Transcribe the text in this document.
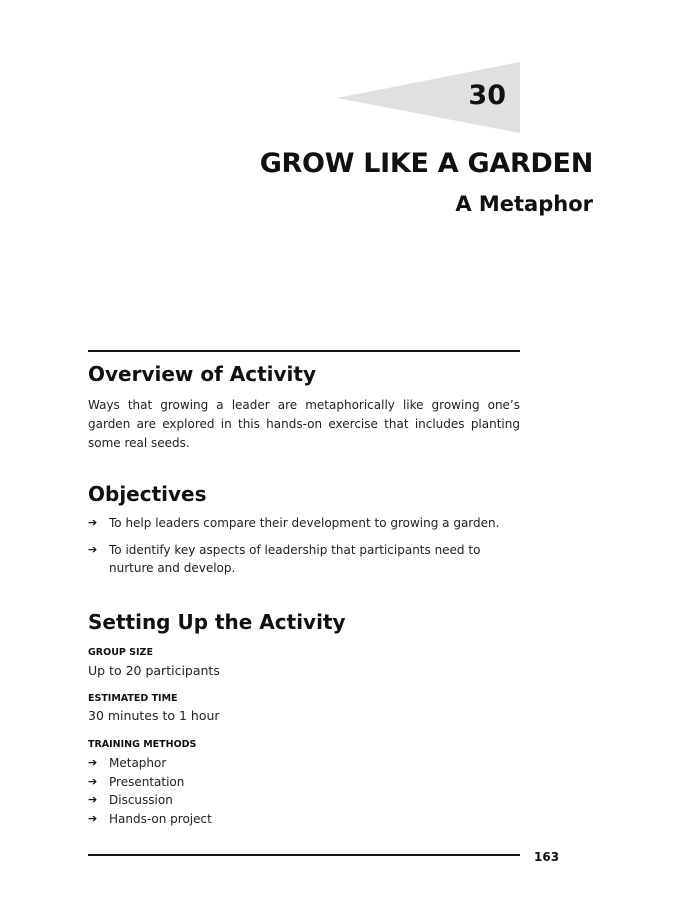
30
GROW LIKE A GARDEN
A Metaphor
Overview of Activity

Ways that growing a leader are metaphorically like growing one’s garden are explored in this hands-on exercise that includes planting some real seeds.

Objectives
➔ To help leaders compare their development to growing a garden.
➔ To identify key aspects of leadership that participants need to nurture and develop.
Setting Up the Activity
GROUP SIZE
Up to 20 participants
ESTIMATED TIME
30 minutes to 1 hour
TRAINING METHODS
➔ Metaphor
➔ Presentation
➔ Discussion
➔ Hands-on project
163
